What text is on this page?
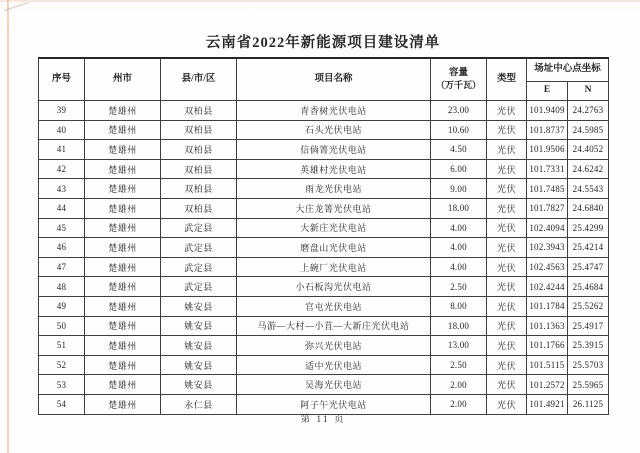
云南省2022年新能源项目建设清单
序号	州市	县/市/区	项目名称	容量
（万千瓦）	类型	场址中心点坐标	
						E	N
39	楚雄州	双柏县	青香树光伏电站	23.00	光伏	101.9409	24.2763
40	楚雄州	双柏县	石头光伏电站	10.60	光伏	101.8737	24.5985
41	楚雄州	双柏县	信倘箐光伏电站	4.50	光伏	101.9506	24.4052
42	楚雄州	双柏县	英雄村光伏电站	6.00	光伏	101.7331	24.6242
43	楚雄州	双柏县	雨龙光伏电站	9.00	光伏	101.7485	24.5543
44	楚雄州	双柏县	大庄龙箐光伏电站	18.00	光伏	101.7827	24.6840
45	楚雄州	武定县	大新庄光伏电站	4.00	光伏	102.4094	25.4299
46	楚雄州	武定县	磨盘山光伏电站	4.00	光伏	102.3943	25.4214
47	楚雄州	武定县	上碗厂光伏电站	4.00	光伏	102.4563	25.4747
48	楚雄州	武定县	小石板沟光伏电站	2.50	光伏	102.4244	25.4684
49	楚雄州	姚安县	官屯光伏电站	8.00	光伏	101.1784	25.5262
50	楚雄州	姚安县	马游—大村—小苴—大新庄光伏电站	18.00	光伏	101.1363	25.4917
51	楚雄州	姚安县	弥兴光伏电站	13.00	光伏	101.1766	25.3915
52	楚雄州	姚安县	适中光伏电站	2.50	光伏	101.5115	25.5703
53	楚雄州	姚安县	吴海光伏电站	2.00	光伏	101.2572	25.5965
54	楚雄州	永仁县	阿子午光伏电站	2.00	光伏	101.4921	26.1125
第 11 页
